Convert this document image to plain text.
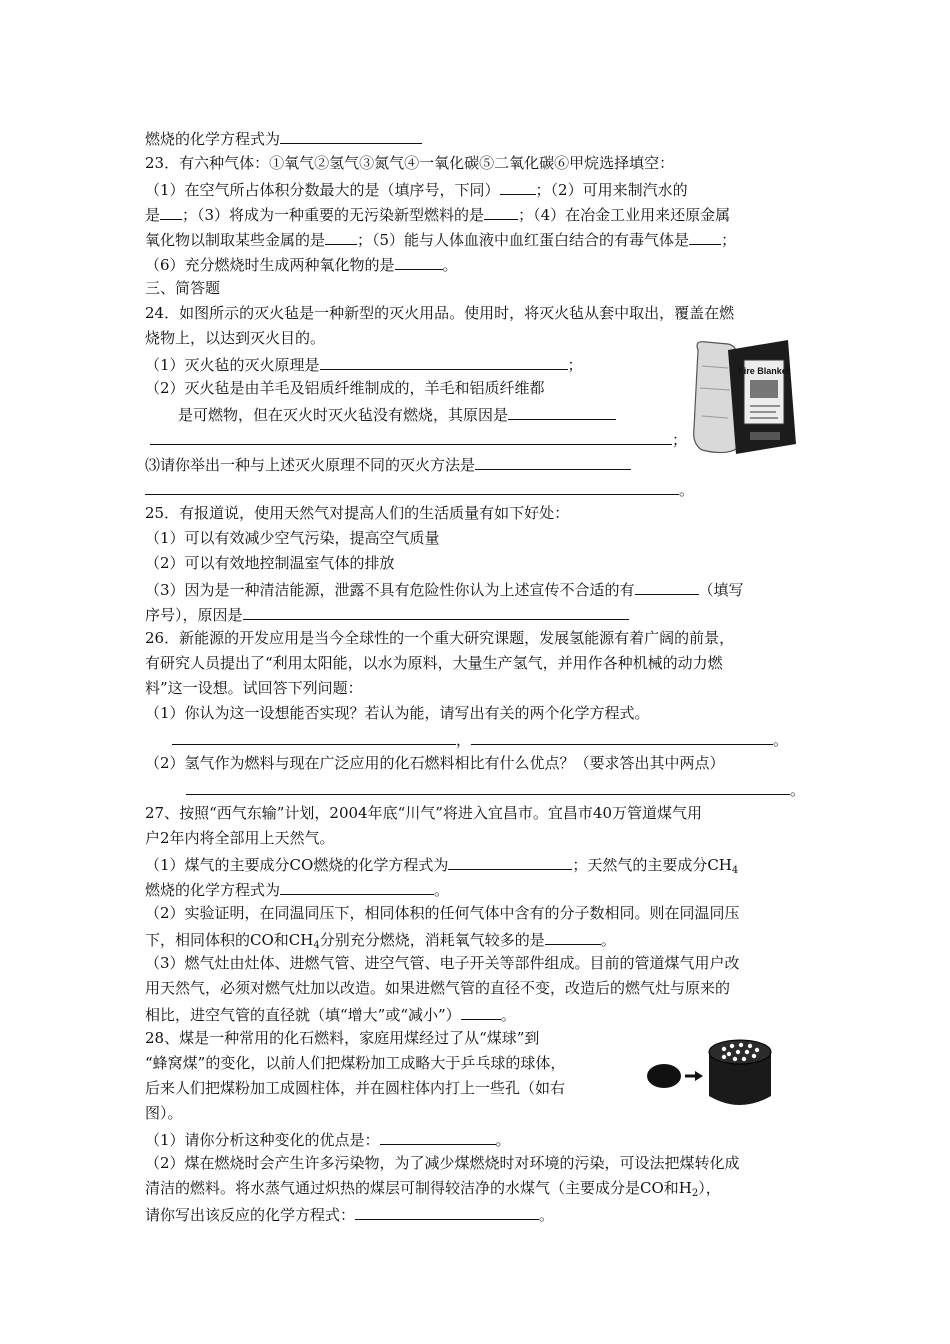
燃烧的化学方程式为
23．有六种气体：①氧气②氢气③氮气④一氧化碳⑤二氧化碳⑥甲烷选择填空：
（1）在空气所占体积分数最大的是（填序号，下同） ；（2）可用来制汽水的
是 ；（3）将成为一种重要的无污染新型燃料的是 ；（4）在冶金工业用来还原金属
氧化物以制取某些金属的是 ；（5）能与人体血液中血红蛋白结合的有毒气体是 ；
（6）充分燃烧时生成两种氧化物的是	。
三、简答题
24．如图所示的灭火毡是一种新型的灭火用品。使用时，将灭火毡从套中取出，覆盖在燃
烧物上，以达到灭火目的。
（1）灭火毡的灭火原理是	；
（2）灭火毡是由羊毛及铝质纤维制成的，羊毛和铝质纤维都
是可燃物，但在灭火时灭火毡没有燃烧，其原因是
；
⑶请你举出一种与上述灭火原理不同的灭火方法是
。
25．有报道说，使用天然气对提高人们的生活质量有如下好处：
（1）可以有效减少空气污染，提高空气质量
（2）可以有效地控制温室气体的排放
（3）因为是一种清洁能源，泄露不具有危险性你认为上述宣传不合适的有	（填写
序号），原因是
26．新能源的开发应用是当今全球性的一个重大研究课题，发展氢能源有着广阔的前景，
有研究人员提出了“利用太阳能，以水为原料，大量生产氢气，并用作各种机械的动力燃
料”这一设想。试回答下列问题：
（1）你认为这一设想能否实现？若认为能，请写出有关的两个化学方程式。
，	。
（2）氢气作为燃料与现在广泛应用的化石燃料相比有什么优点？（要求答出其中两点）
。
27、按照“西气东输”计划，2004年底“川气”将进入宜昌市。宜昌市40万管道煤气用
户2年内将全部用上天然气。
（1）煤气的主要成分CO燃烧的化学方程式为	；天然气的主要成分$CH_4$
燃烧的化学方程式为	。
（2）实验证明，在同温同压下，相同体积的任何气体中含有的分子数相同。则在同温同压
下，相同体积的CO和$CH_4$分别充分燃烧，消耗氧气较多的是	。
（3）燃气灶由灶体、进燃气管、进空气管、电子开关等部件组成。目前的管道煤气用户改
用天然气，必须对燃气灶加以改造。如果进燃气管的直径不变，改造后的燃气灶与原来的
相比，进空气管的直径就（填“增大”或“减小”）	。
28、煤是一种常用的化石燃料，家庭用煤经过了从“煤球”到
“蜂窝煤”的变化，以前人们把煤粉加工成略大于乒乓球的球体，
后来人们把煤粉加工成圆柱体，并在圆柱体内打上一些孔（如右
图）。
（1）请你分析这种变化的优点是：	。
（2）煤在燃烧时会产生许多污染物，为了减少煤燃烧时对环境的污染，可设法把煤转化成
清洁的燃料。将水蒸气通过炽热的煤层可制得较洁净的水煤气（主要成分是CO和$H_2$），
请你写出该反应的化学方程式：	。
Fire Blanket
